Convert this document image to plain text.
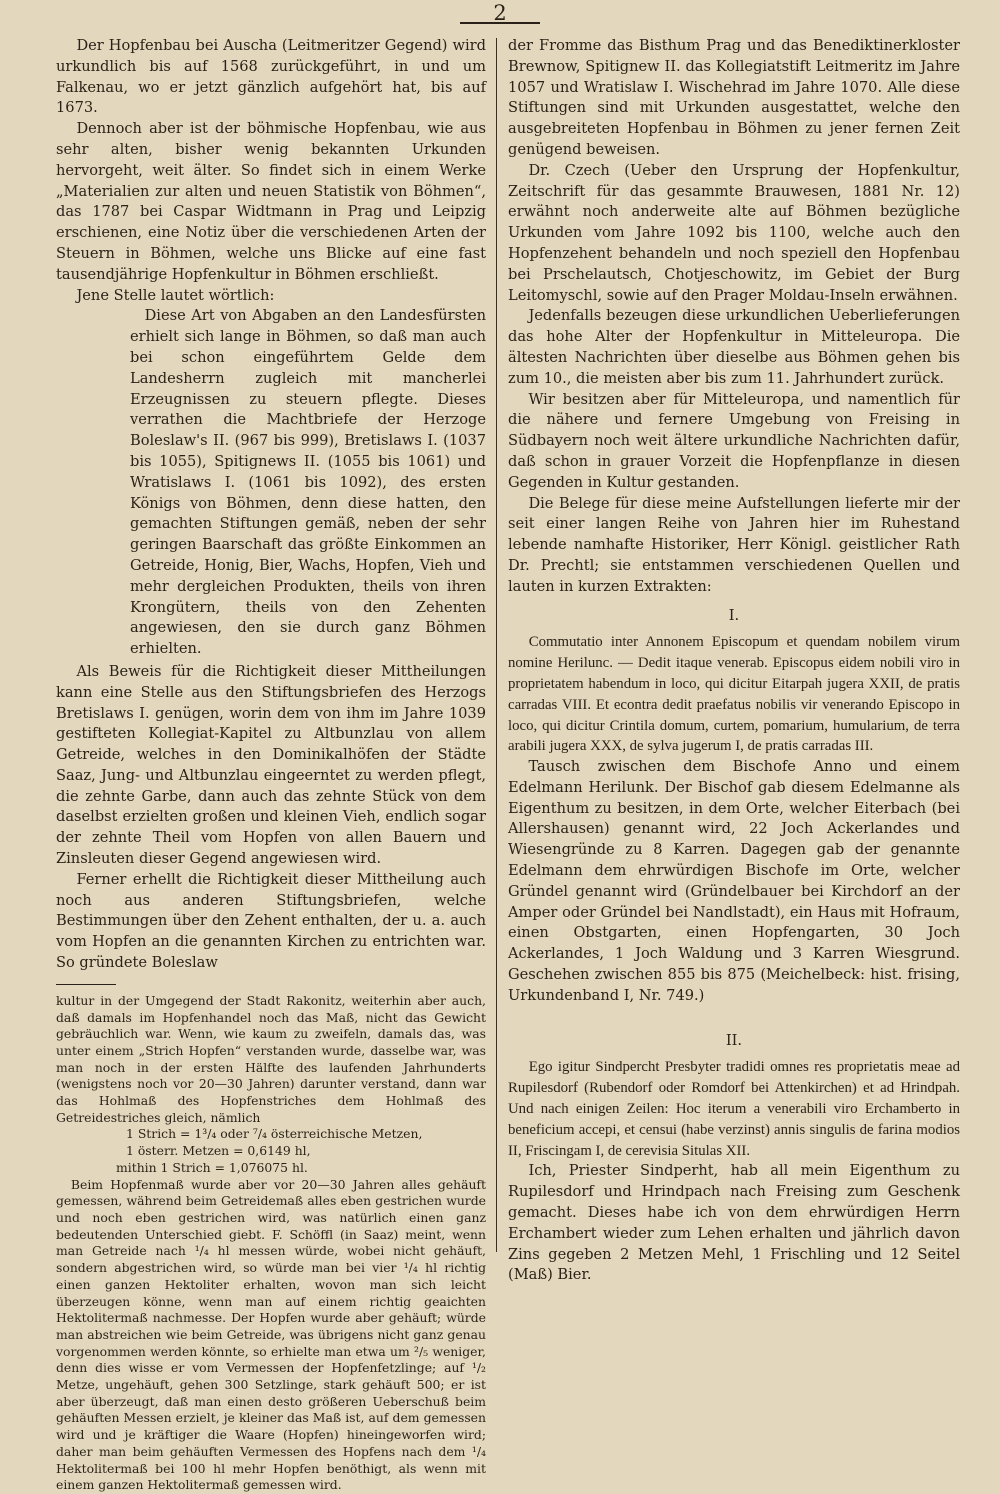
2

Der Hopfenbau bei Auscha (Leitmeritzer Gegend) wird urkundlich bis auf 1568 zurückgeführt, in und um Falkenau, wo er jetzt gänzlich aufgehört hat, bis auf 1673.

Dennoch aber ist der böhmische Hopfenbau, wie aus sehr alten, bisher wenig bekannten Urkunden hervorgeht, weit älter. So findet sich in einem Werke „Materialien zur alten und neuen Statistik von Böhmen“, das 1787 bei Caspar Widtmann in Prag und Leipzig erschienen, eine Notiz über die verschiedenen Arten der Steuern in Böhmen, welche uns Blicke auf eine fast tausendjährige Hopfenkultur in Böhmen erschließt.

Jene Stelle lautet wörtlich:

Diese Art von Abgaben an den Landesfürsten erhielt sich lange in Böhmen, so daß man auch bei schon eingeführtem Gelde dem Landesherrn zugleich mit mancherlei Erzeugnissen zu steuern pflegte. Dieses verrathen die Machtbriefe der Herzoge Boleslaw's II. (967 bis 999), Bretislaws I. (1037 bis 1055), Spitignews II. (1055 bis 1061) und Wratislaws I. (1061 bis 1092), des ersten Königs von Böhmen, denn diese hatten, den gemachten Stiftungen gemäß, neben der sehr geringen Baarschaft das größte Einkommen an Getreide, Honig, Bier, Wachs, Hopfen, Vieh und mehr dergleichen Produkten, theils von ihren Krongütern, theils von den Zehenten angewiesen, den sie durch ganz Böhmen erhielten.

Als Beweis für die Richtigkeit dieser Mittheilungen kann eine Stelle aus den Stiftungsbriefen des Herzogs Bretislaws I. genügen, worin dem von ihm im Jahre 1039 gestifteten Kollegiat-Kapitel zu Altbunzlau von allem Getreide, welches in den Dominikalhöfen der Städte Saaz, Jung- und Altbunzlau eingeerntet zu werden pflegt, die zehnte Garbe, dann auch das zehnte Stück von dem daselbst erzielten großen und kleinen Vieh, endlich sogar der zehnte Theil vom Hopfen von allen Bauern und Zinsleuten dieser Gegend angewiesen wird.

Ferner erhellt die Richtigkeit dieser Mittheilung auch noch aus anderen Stiftungsbriefen, welche Bestimmungen über den Zehent enthalten, der u. a. auch vom Hopfen an die genannten Kirchen zu entrichten war. So gründete Boleslaw

kultur in der Umgegend der Stadt Rakonitz, weiterhin aber auch, daß damals im Hopfenhandel noch das Maß, nicht das Gewicht gebräuchlich war. Wenn, wie kaum zu zweifeln, damals das, was unter einem „Strich Hopfen“ verstanden wurde, dasselbe war, was man noch in der ersten Hälfte des laufenden Jahrhunderts (wenigstens noch vor 20—30 Jahren) darunter verstand, dann war das Hohlmaß des Hopfenstriches dem Hohlmaß des Getreidestriches gleich, nämlich

1 Strich = 1³/₄ oder ⁷/₄ österreichische Metzen,

1 österr. Metzen = 0,6149 hl,

mithin 1 Strich = 1,076075 hl.

Beim Hopfenmaß wurde aber vor 20—30 Jahren alles gehäuft gemessen, während beim Getreidemaß alles eben gestrichen wurde und noch eben gestrichen wird, was natürlich einen ganz bedeutenden Unterschied giebt. F. Schöffl (in Saaz) meint, wenn man Getreide nach ¹/₄ hl messen würde, wobei nicht gehäuft, sondern abgestrichen wird, so würde man bei vier ¹/₄ hl richtig einen ganzen Hektoliter erhalten, wovon man sich leicht überzeugen könne, wenn man auf einem richtig geaichten Hektolitermaß nachmesse. Der Hopfen wurde aber gehäuft; würde man abstreichen wie beim Getreide, was übrigens nicht ganz genau vorgenommen werden könnte, so erhielte man etwa um ²/₅ weniger, denn dies wisse er vom Vermessen der Hopfenfetzlinge; auf ¹/₂ Metze, ungehäuft, gehen 300 Setzlinge, stark gehäuft 500; er ist aber überzeugt, daß man einen desto größeren Ueberschuß beim gehäuften Messen erzielt, je kleiner das Maß ist, auf dem gemessen wird und je kräftiger die Waare (Hopfen) hineingeworfen wird; daher man beim gehäuften Vermessen des Hopfens nach dem ¹/₄ Hektolitermaß bei 100 hl mehr Hopfen benöthigt, als wenn mit einem ganzen Hektolitermaß gemessen wird.

der Fromme das Bisthum Prag und das Benediktinerkloster Brewnow, Spitignew II. das Kollegiatstift Leitmeritz im Jahre 1057 und Wratislaw I. Wischehrad im Jahre 1070. Alle diese Stiftungen sind mit Urkunden ausgestattet, welche den ausgebreiteten Hopfenbau in Böhmen zu jener fernen Zeit genügend beweisen.

Dr. Czech (Ueber den Ursprung der Hopfenkultur, Zeitschrift für das gesammte Brauwesen, 1881 Nr. 12) erwähnt noch anderweite alte auf Böhmen bezügliche Urkunden vom Jahre 1092 bis 1100, welche auch den Hopfenzehent behandeln und noch speziell den Hopfenbau bei Prschelautsch, Chotjeschowitz, im Gebiet der Burg Leitomyschl, sowie auf den Prager Moldau-Inseln erwähnen.

Jedenfalls bezeugen diese urkundlichen Ueberlieferungen das hohe Alter der Hopfenkultur in Mitteleuropa. Die ältesten Nachrichten über dieselbe aus Böhmen gehen bis zum 10., die meisten aber bis zum 11. Jahrhundert zurück.

Wir besitzen aber für Mitteleuropa, und namentlich für die nähere und fernere Umgebung von Freising in Südbayern noch weit ältere urkundliche Nachrichten dafür, daß schon in grauer Vorzeit die Hopfenpflanze in diesen Gegenden in Kultur gestanden.

Die Belege für diese meine Aufstellungen lieferte mir der seit einer langen Reihe von Jahren hier im Ruhestand lebende namhafte Historiker, Herr Königl. geistlicher Rath Dr. Prechtl; sie entstammen verschiedenen Quellen und lauten in kurzen Extrakten:

I.

Commutatio inter Annonem Episcopum et quendam nobilem virum nomine Herilunc. — Dedit itaque venerab. Episcopus eidem nobili viro in proprietatem habendum in loco, qui dicitur Eitarpah jugera XXII, de pratis carradas VIII. Et econtra dedit praefatus nobilis vir venerando Episcopo in loco, qui dicitur Crintila domum, curtem, pomarium, humularium, de terra arabili jugera XXX, de sylva jugerum I, de pratis carradas III.

Tausch zwischen dem Bischofe Anno und einem Edelmann Herilunk. Der Bischof gab diesem Edelmanne als Eigenthum zu besitzen, in dem Orte, welcher Eiterbach (bei Allershausen) genannt wird, 22 Joch Ackerlandes und Wiesengründe zu 8 Karren. Dagegen gab der genannte Edelmann dem ehrwürdigen Bischofe im Orte, welcher Gründel genannt wird (Gründelbauer bei Kirchdorf an der Amper oder Gründel bei Nandlstadt), ein Haus mit Hofraum, einen Obstgarten, einen Hopfengarten, 30 Joch Ackerlandes, 1 Joch Waldung und 3 Karren Wiesgrund. Geschehen zwischen 855 bis 875 (Meichelbeck: hist. frising, Urkundenband I, Nr. 749.)

II.

Ego igitur Sindpercht Presbyter tradidi omnes res proprietatis meae ad Rupilesdorf (Rubendorf oder Romdorf bei Attenkirchen) et ad Hrindpah. Und nach einigen Zeilen: Hoc iterum a venerabili viro Erchamberto in beneficium accepi, et censui (habe verzinst) annis singulis de farina modios II, Friscingam I, de cerevisia Situlas XII.

Ich, Priester Sindperht, hab all mein Eigenthum zu Rupilesdorf und Hrindpach nach Freising zum Geschenk gemacht. Dieses habe ich von dem ehrwürdigen Herrn Erchambert wieder zum Lehen erhalten und jährlich davon Zins gegeben 2 Metzen Mehl, 1 Frischling und 12 Seitel (Maß) Bier.
